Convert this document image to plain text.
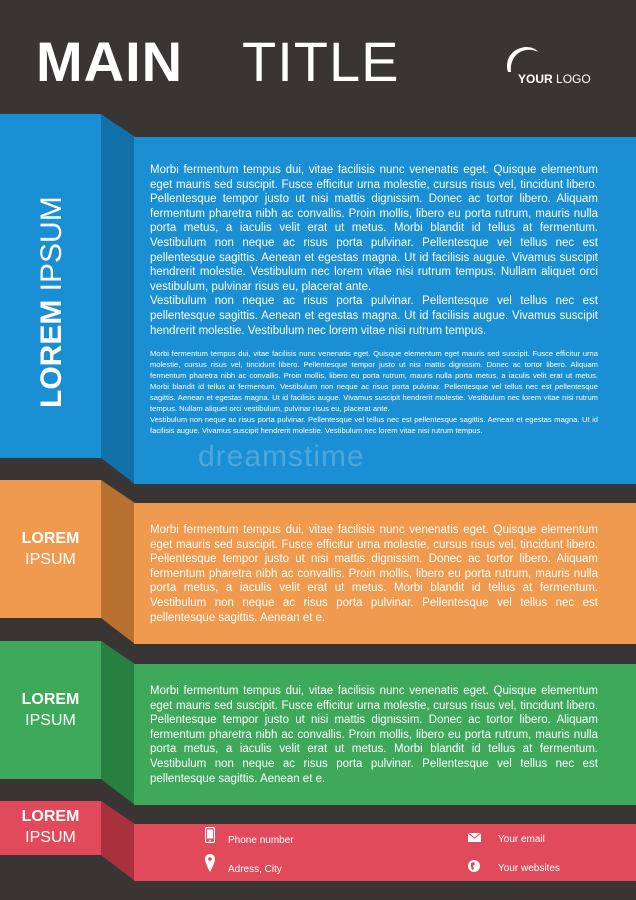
MAIN TITLE	YOUR LOGO
LOREM IPSUM

Morbi fermentum tempus dui, vitae facilisis nunc venenatis eget. Quisque elementum eget mauris sed suscipit. Fusce efficitur urna molestie, cursus risus vel, tincidunt libero. Pellentesque tempor justo ut nisi mattis dignissim. Donec ac tortor libero. Aliquam fermentum pharetra nibh ac convallis. Proin mollis, libero eu porta rutrum, mauris nulla porta metus, a iaculis velit erat ut metus. Morbi blandit id tellus at fermentum. Vestibulum non neque ac risus porta pulvinar. Pellentesque vel tellus nec est pellentesque sagittis. Aenean et egestas magna. Ut id facilisis augue. Vivamus suscipit hendrerit molestie. Vestibulum nec lorem vitae nisi rutrum tempus. Nullam aliquet orci vestibulum, pulvinar risus eu, placerat ante.

Vestibulum non neque ac risus porta pulvinar. Pellentesque vel tellus nec est pellentesque sagittis. Aenean et egestas magna. Ut id facilisis augue. Vivamus suscipit hendrerit molestie. Vestibulum nec lorem vitae nisi rutrum tempus.

Morbi fermentum tempus dui, vitae facilisis nunc venenatis eget. Quisque elementum eget mauris sed suscipit. Fusce efficitur urna molestie, cursus risus vel, tincidunt libero. Pellentesque tempor justo ut nisi mattis dignissim. Donec ac tortor libero. Aliquam fermentum pharetra nibh ac convallis. Proin mollis, libero eu porta rutrum, mauris nulla porta metus, a iaculis velit erat ut metus. Morbi blandit id tellus at fermentum. Vestibulum non neque ac risus porta pulvinar. Pellentesque vel tellus nec est pellentesque sagittis. Aenean et egestas magna. Ut id facilisis augue. Vivamus suscipit hendrerit molestie. Vestibulum nec lorem vitae nisi rutrum tempus. Nullam aliquet orci vestibulum, pulvinar risus eu, placerat ante.

Vestibulum non neque ac risus porta pulvinar. Pellentesque vel tellus nec est pellentesque sagittis. Aenean et egestas magna. Ut id facilisis augue. Vivamus suscipit hendrerit molestie. Vestibulum nec lorem vitae nisi rutrum tempus.

dreamstime
LOREM
IPSUM

Morbi fermentum tempus dui, vitae facilisis nunc venenatis eget. Quisque elementum eget mauris sed suscipit. Fusce efficitur urna molestie, cursus risus vel, tincidunt libero. Pellentesque tempor justo ut nisi mattis dignissim. Donec ac tortor libero. Aliquam fermentum pharetra nibh ac convallis. Proin mollis, libero eu porta rutrum, mauris nulla porta metus, a iaculis velit erat ut metus. Morbi blandit id tellus at fermentum. Vestibulum non neque ac risus porta pulvinar. Pellentesque vel tellus nec est pellentesque sagittis. Aenean et e.

LOREM
IPSUM

Morbi fermentum tempus dui, vitae facilisis nunc venenatis eget. Quisque elementum eget mauris sed suscipit. Fusce efficitur urna molestie, cursus risus vel, tincidunt libero. Pellentesque tempor justo ut nisi mattis dignissim. Donec ac tortor libero. Aliquam fermentum pharetra nibh ac convallis. Proin mollis, libero eu porta rutrum, mauris nulla porta metus, a iaculis velit erat ut metus. Morbi blandit id tellus at fermentum. Vestibulum non neque ac risus porta pulvinar. Pellentesque vel tellus nec est pellentesque sagittis. Aenean et e.

LOREM
IPSUM	Phone number
Adress, City
Your email
Your websites
